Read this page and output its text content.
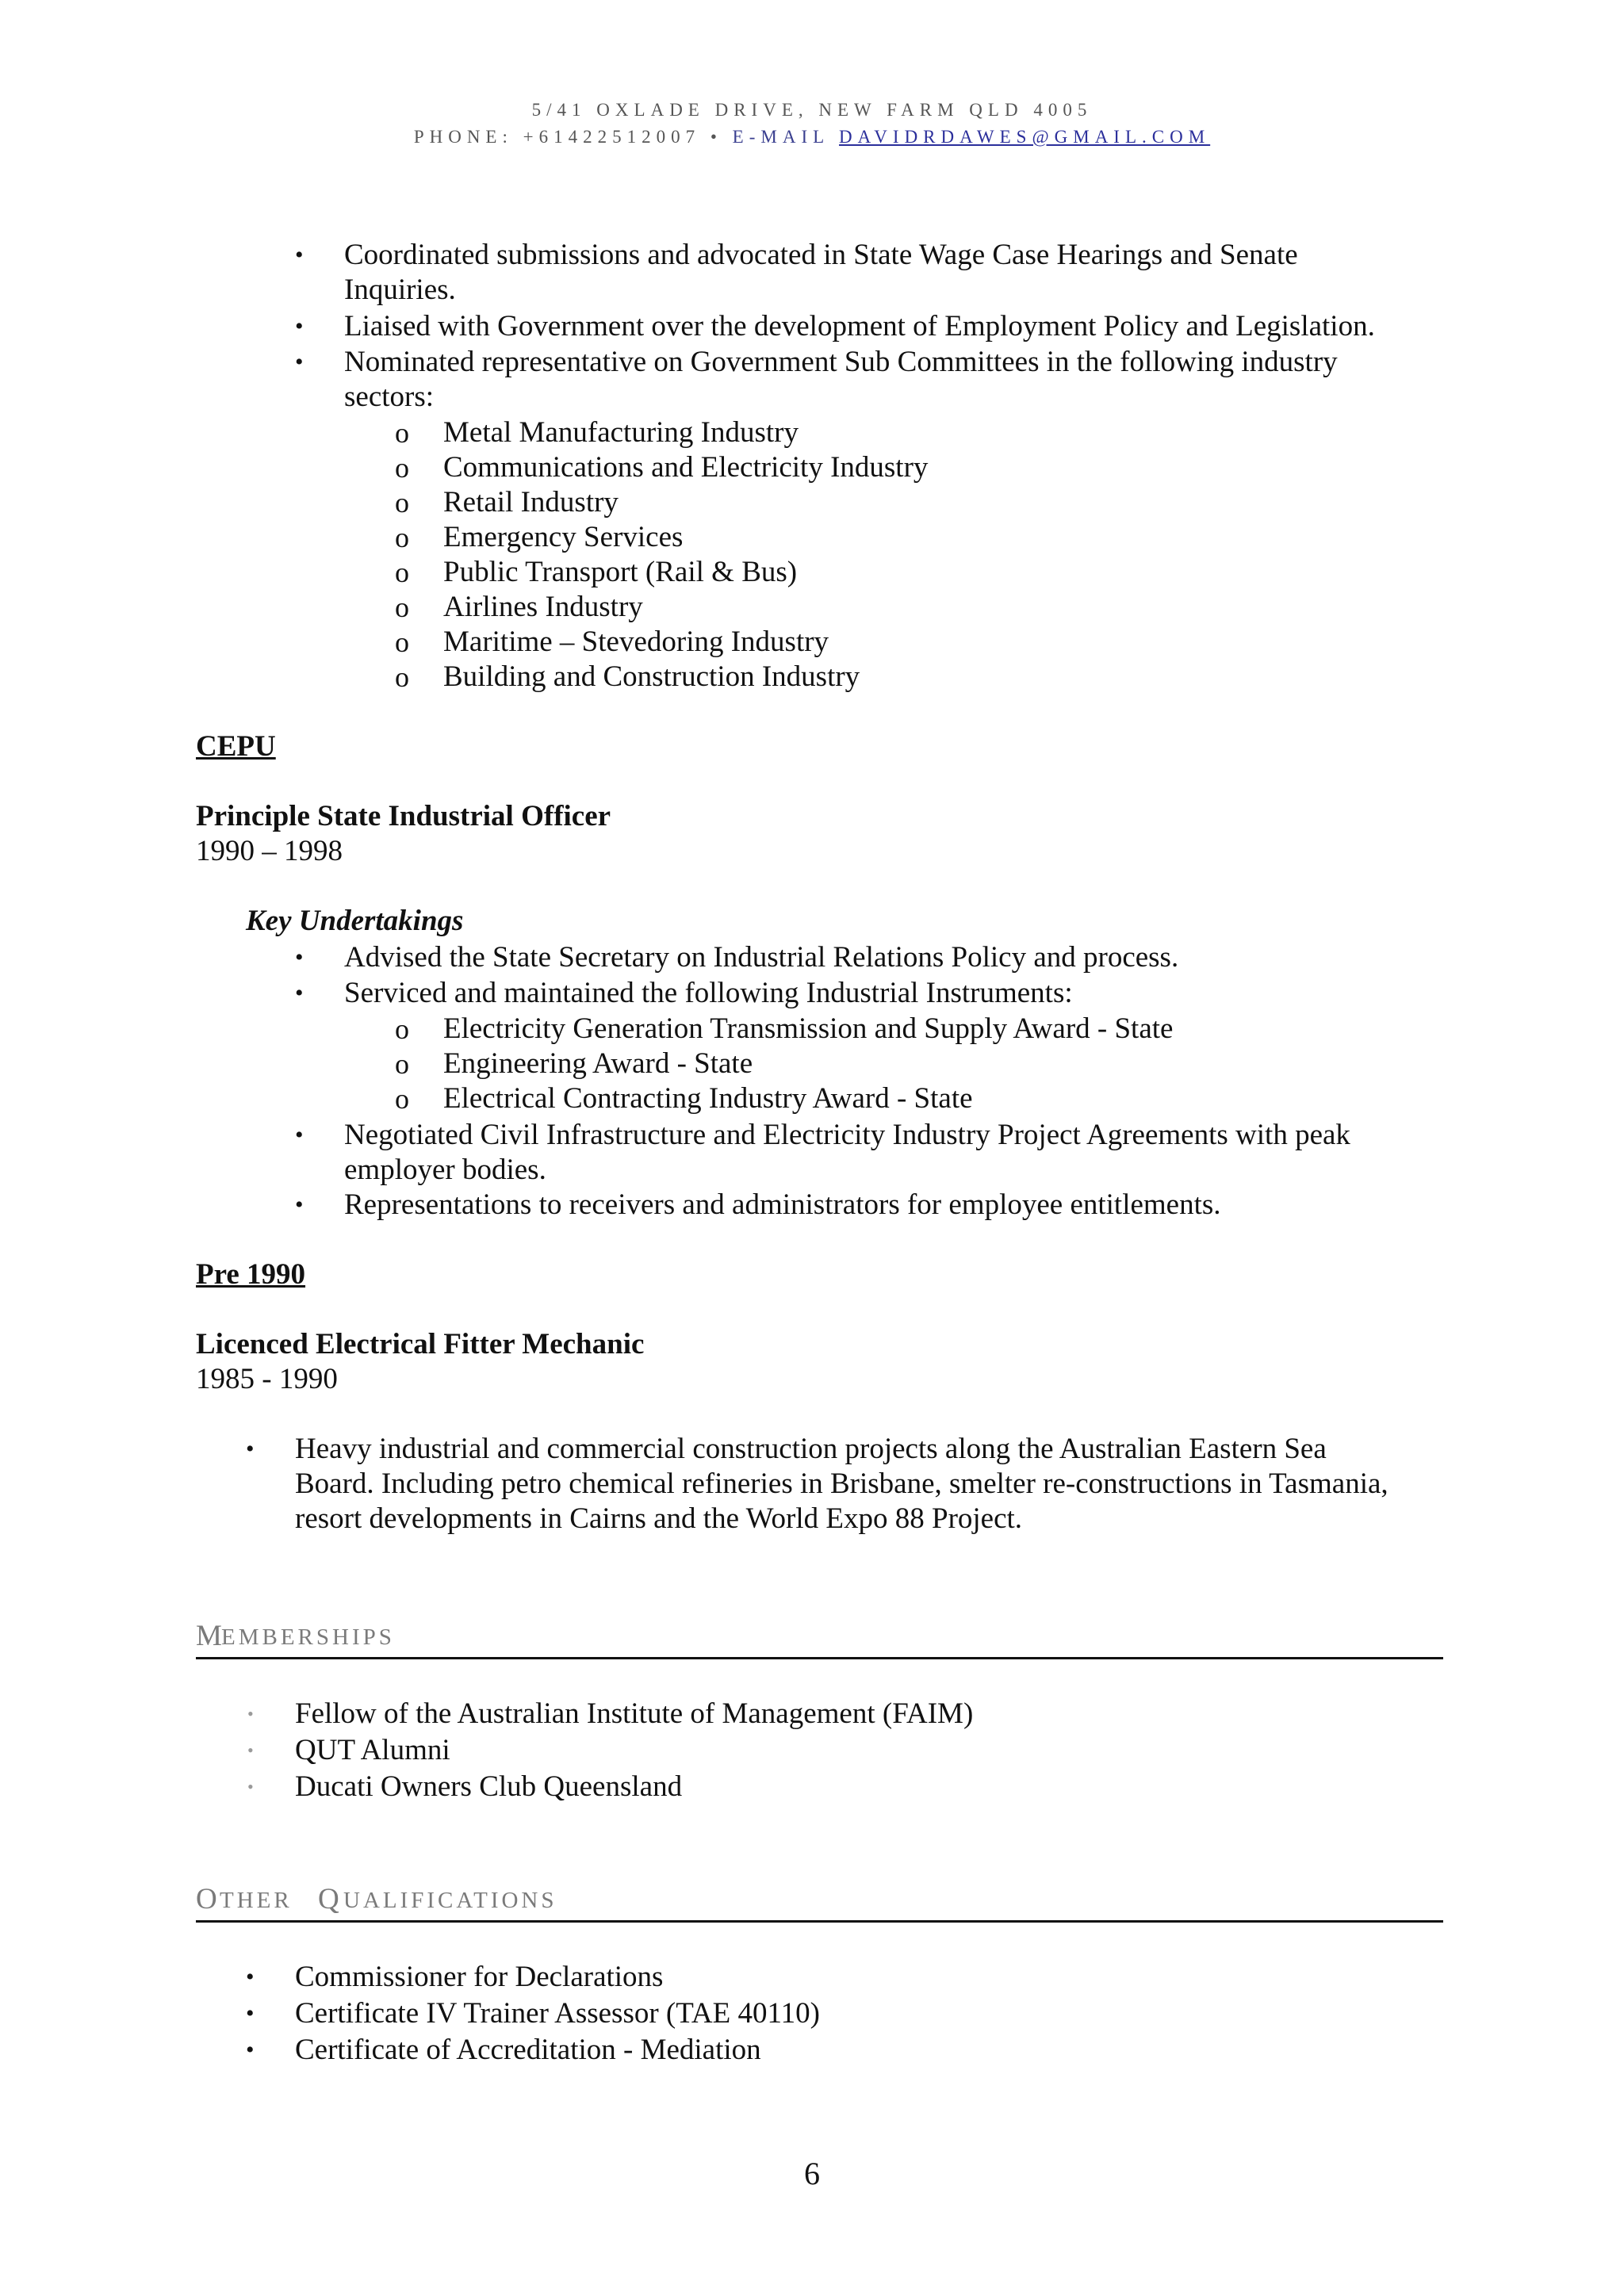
5/41 OXLADE DRIVE, NEW FARM QLD 4005
PHONE: +61422512007 • E-MAIL DAVIDRDAWES@GMAIL.COM
• Coordinated submissions and advocated in State Wage Case Hearings and Senate
Inquiries.
• Liaised with Government over the development of Employment Policy and Legislation.
• Nominated representative on Government Sub Committees in the following industry
sectors:
o Metal Manufacturing Industry
o Communications and Electricity Industry
o Retail Industry
o Emergency Services
o Public Transport (Rail & Bus)
o Airlines Industry
o Maritime – Stevedoring Industry
o Building and Construction Industry
CEPU
Principle State Industrial Officer
1990 – 1998
Key Undertakings
• Advised the State Secretary on Industrial Relations Policy and process.
• Serviced and maintained the following Industrial Instruments:
o Electricity Generation Transmission and Supply Award - State
o Engineering Award - State
o Electrical Contracting Industry Award - State
• Negotiated Civil Infrastructure and Electricity Industry Project Agreements with peak
employer bodies.
• Representations to receivers and administrators for employee entitlements.
Pre 1990
Licenced Electrical Fitter Mechanic
1985 - 1990
• Heavy industrial and commercial construction projects along the Australian Eastern Sea
Board. Including petro chemical refineries in Brisbane, smelter re-constructions in Tasmania,
resort developments in Cairns and the World Expo 88 Project.
M
EMBERSHIPS
• Fellow of the Australian Institute of Management (FAIM)
• QUT Alumni
• Ducati Owners Club Queensland
O THER Q UALIFICATIONS
• Commissioner for Declarations
• Certificate IV Trainer Assessor (TAE 40110)
• Certificate of Accreditation - Mediation
6
